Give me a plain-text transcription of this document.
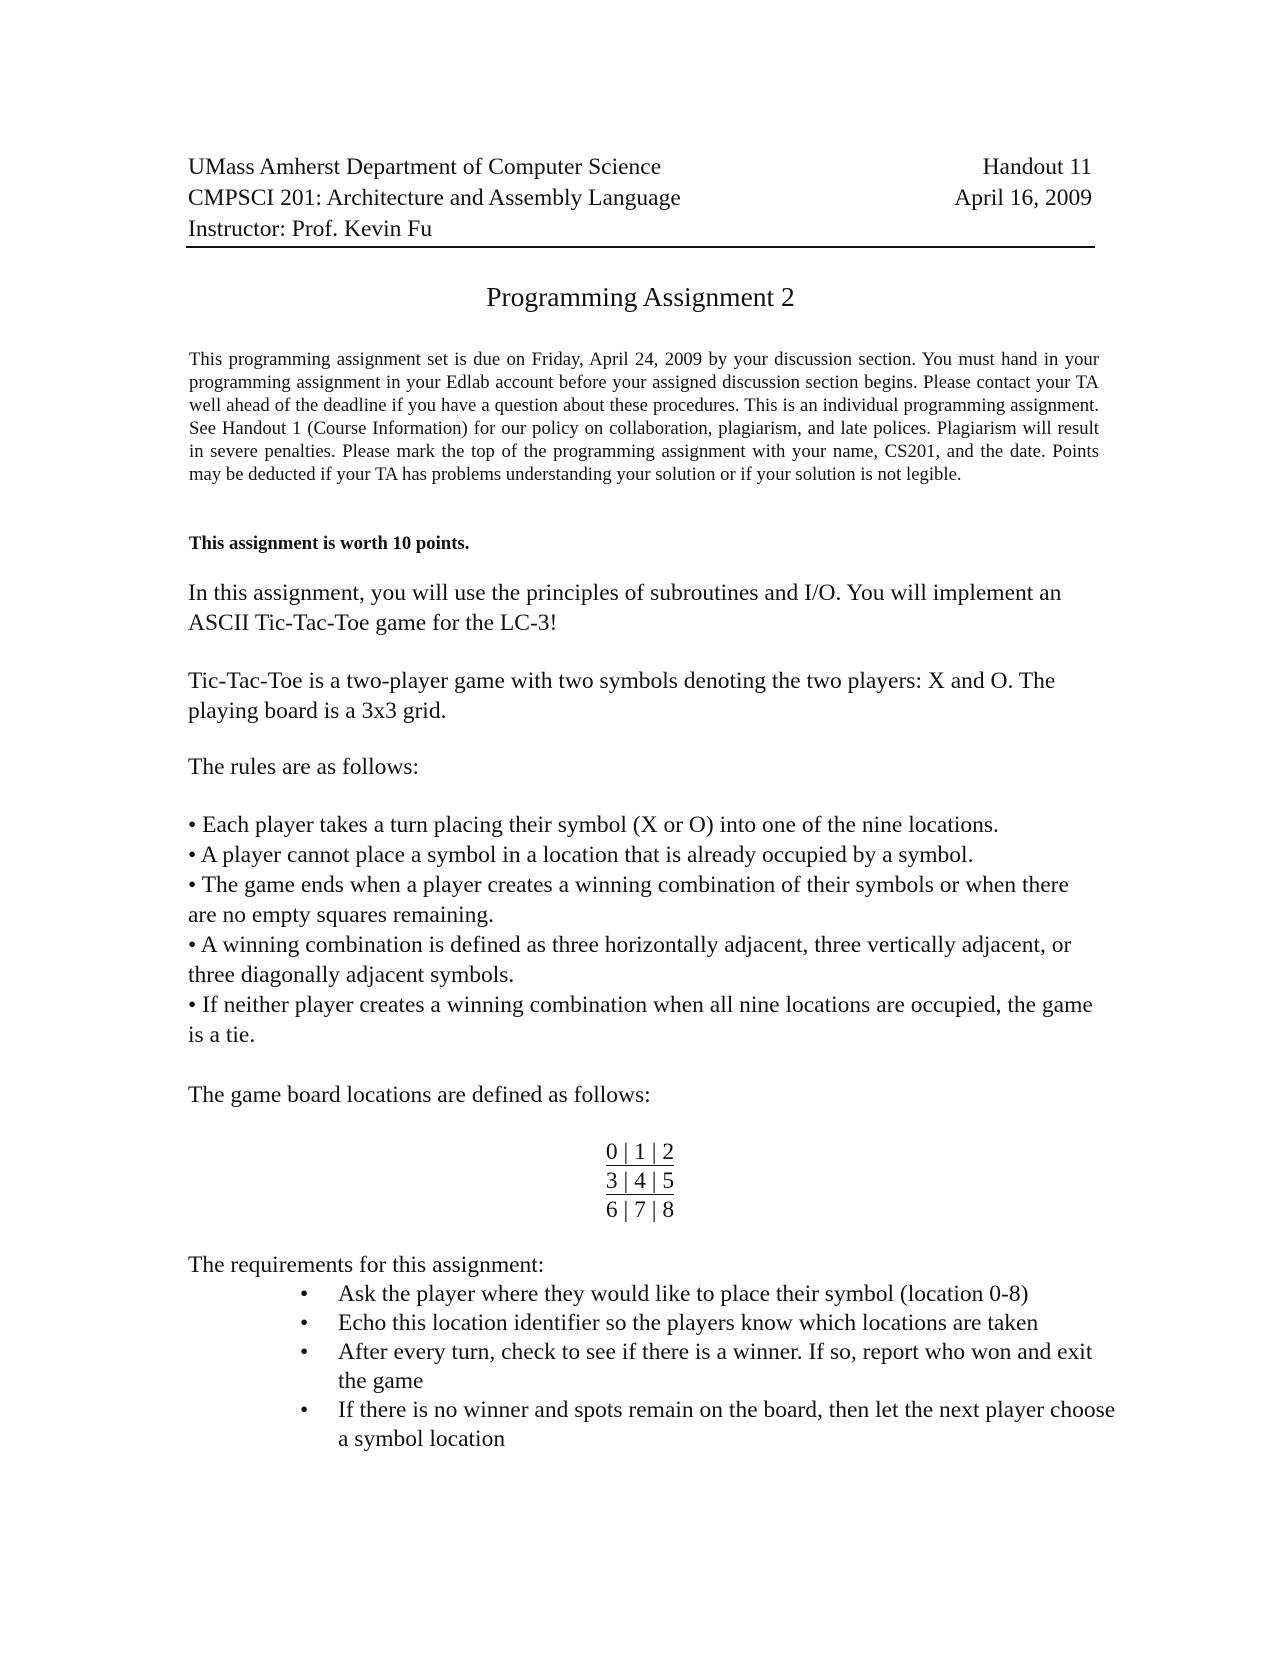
UMass Amherst Department of Computer Science	Handout 11
CMPSCI 201: Architecture and Assembly Language	April 16, 2009
Instructor: Prof. Kevin Fu
Programming Assignment 2
This programming assignment set is due on Friday, April 24, 2009 by your discussion section. You must hand in your programming assignment in your Edlab account before your assigned discussion section begins. Please contact your TA well ahead of the deadline if you have a question about these procedures. This is an individual programming assignment. See Handout 1 (Course Information) for our policy on collaboration, plagiarism, and late polices. Plagiarism will result in severe penalties. Please mark the top of the programming assignment with your name, CS201, and the date. Points may be deducted if your TA has problems understanding your solution or if your solution is not legible.
This assignment is worth 10 points.
In this assignment, you will use the principles of subroutines and I/O. You will implement an ASCII Tic-Tac-Toe game for the LC-3!
Tic-Tac-Toe is a two-player game with two symbols denoting the two players: X and O. The playing board is a 3x3 grid.
The rules are as follows:
• Each player takes a turn placing their symbol (X or O) into one of the nine locations.
• A player cannot place a symbol in a location that is already occupied by a symbol.
• The game ends when a player creates a winning combination of their symbols or when there are no empty squares remaining.
• A winning combination is defined as three horizontally adjacent, three vertically adjacent, or three diagonally adjacent symbols.
• If neither player creates a winning combination when all nine locations are occupied, the game is a tie.
The game board locations are defined as follows:
0 | 1 | 2
3 | 4 | 5
6 | 7 | 8
The requirements for this assignment:
• Ask the player where they would like to place their symbol (location 0-8)
• Echo this location identifier so the players know which locations are taken
• After every turn, check to see if there is a winner. If so, report who won and exit the game
• If there is no winner and spots remain on the board, then let the next player choose a symbol location
